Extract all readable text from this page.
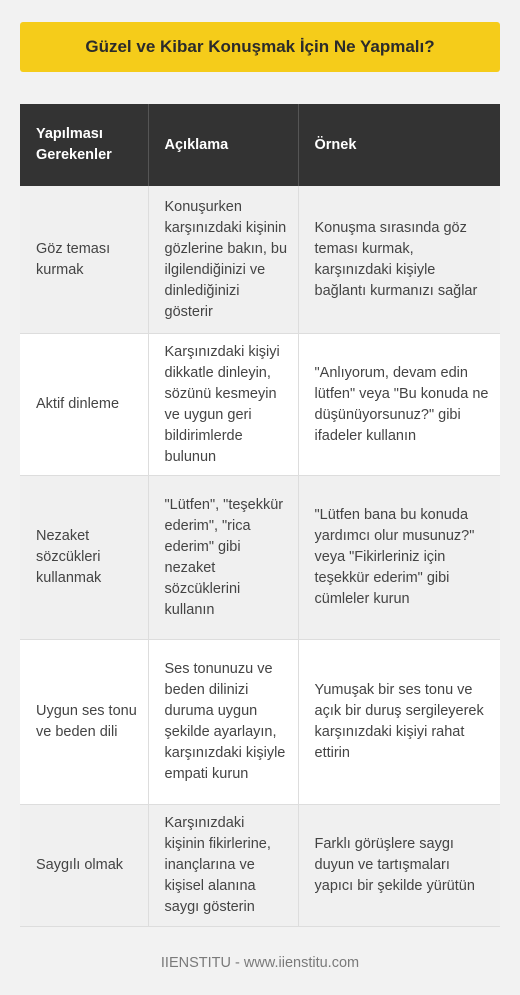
Güzel ve Kibar Konuşmak İçin Ne Yapmalı?
Yapılması Gerekenler	Açıklama	Örnek
Göz teması kurmak	Konuşurken karşınızdaki kişinin gözlerine bakın, bu ilgilendiğinizi ve dinlediğinizi gösterir	Konuşma sırasında göz teması kurmak, karşınızdaki kişiyle bağlantı kurmanızı sağlar
Aktif dinleme	Karşınızdaki kişiyi dikkatle dinleyin, sözünü kesmeyin ve uygun geri bildirimlerde bulunun	"Anlıyorum, devam edin lütfen" veya "Bu konuda ne düşünüyorsunuz?" gibi ifadeler kullanın
Nezaket sözcükleri kullanmak	"Lütfen", "teşekkür ederim", "rica ederim" gibi nezaket sözcüklerini kullanın	"Lütfen bana bu konuda yardımcı olur musunuz?" veya "Fikirleriniz için teşekkür ederim" gibi cümleler kurun
Uygun ses tonu ve beden dili	Ses tonunuzu ve beden dilinizi duruma uygun şekilde ayarlayın, karşınızdaki kişiyle empati kurun	Yumuşak bir ses tonu ve açık bir duruş sergileyerek karşınızdaki kişiyi rahat ettirin
Saygılı olmak	Karşınızdaki kişinin fikirlerine, inançlarına ve kişisel alanına saygı gösterin	Farklı görüşlere saygı duyun ve tartışmaları yapıcı bir şekilde yürütün
IIENSTITU - www.iienstitu.com
